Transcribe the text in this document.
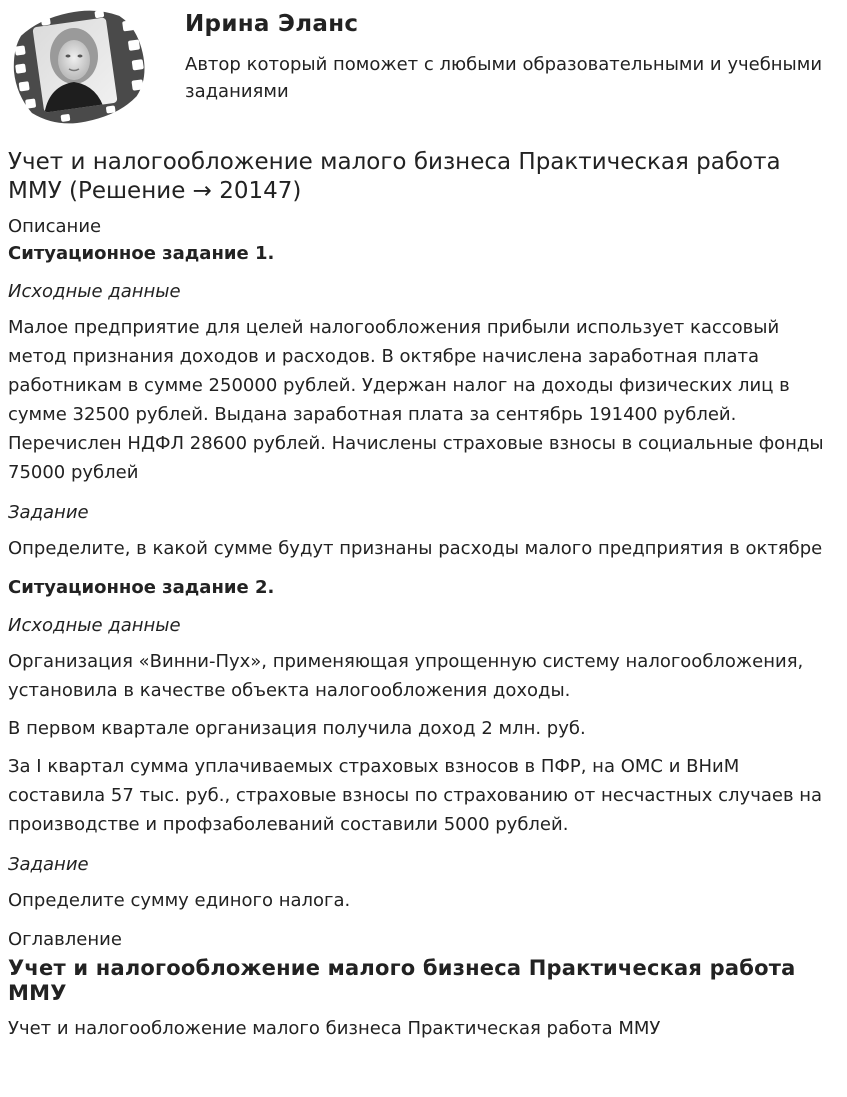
Ирина Эланс
Автор который поможет с любыми образовательными и учебными заданиями
Учет и налогообложение малого бизнеса Практическая работа ММУ (Решение → 20147)
Описание
Ситуационное задание 1.
Исходные данные
Малое предприятие для целей налогообложения прибыли использует кассовый метод признания доходов и расходов. В октябре начислена заработная плата работникам в сумме 250000 рублей. Удержан налог на доходы физических лиц в сумме 32500 рублей. Выдана заработная плата за сентябрь 191400 рублей. Перечислен НДФЛ 28600 рублей. Начислены страховые взносы в социальные фонды 75000 рублей
Задание
Определите, в какой сумме будут признаны расходы малого предприятия в октябре
Ситуационное задание 2.
Исходные данные
Организация «Винни-Пух», применяющая упрощенную систему налогообложения, установила в качестве объекта налогообложения доходы.
В первом квартале организация получила доход 2 млн. руб.
За I квартал сумма уплачиваемых страховых взносов в ПФР, на ОМС и ВНиМ составила 57 тыс. руб., страховые взносы по страхованию от несчастных случаев на производстве и профзаболеваний составили 5000 рублей.
Задание
Определите сумму единого налога.
Оглавление
Учет и налогообложение малого бизнеса Практическая работа ММУ
Учет и налогообложение малого бизнеса Практическая работа ММУ
